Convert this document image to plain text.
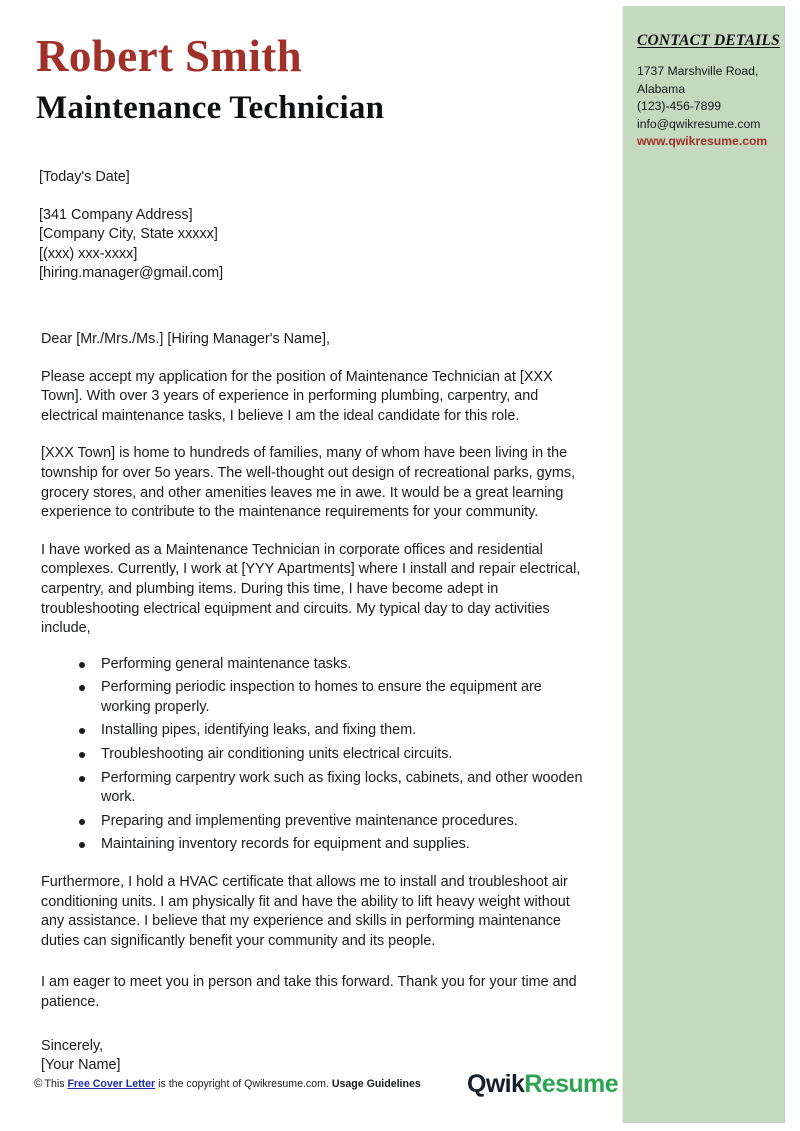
CONTACT DETAILS
1737 Marshville Road,
Alabama
(123)-456-7899
info@qwikresume.com
www.qwikresume.com
Robert Smith
Maintenance Technician
[Today's Date]
[341 Company Address]
[Company City, State xxxxx]
[(xxx) xxx-xxxx]
[hiring.manager@gmail.com]
Dear [Mr./Mrs./Ms.] [Hiring Manager's Name],

Please accept my application for the position of Maintenance Technician at [XXX Town]. With over 3 years of experience in performing plumbing, carpentry, and electrical maintenance tasks, I believe I am the ideal candidate for this role.

[XXX Town] is home to hundreds of families, many of whom have been living in the township for over 5o years. The well-thought out design of recreational parks, gyms, grocery stores, and other amenities leaves me in awe. It would be a great learning experience to contribute to the maintenance requirements for your community.

I have worked as a Maintenance Technician in corporate offices and residential complexes. Currently, I work at [YYY Apartments] where I install and repair electrical, carpentry, and plumbing items. During this time, I have become adept in troubleshooting electrical equipment and circuits. My typical day to day activities include,

Performing general maintenance tasks.
Performing periodic inspection to homes to ensure the equipment are working properly.
Installing pipes, identifying leaks, and fixing them.
Troubleshooting air conditioning units electrical circuits.
Performing carpentry work such as fixing locks, cabinets, and other wooden work.
Preparing and implementing preventive maintenance procedures.
Maintaining inventory records for equipment and supplies.

Furthermore, I hold a HVAC certificate that allows me to install and troubleshoot air conditioning units. I am physically fit and have the ability to lift heavy weight without any assistance. I believe that my experience and skills in performing maintenance duties can significantly benefit your community and its people.

I am eager to meet you in person and take this forward. Thank you for your time and patience.

Sincerely,
[Your Name]
© This Free Cover Letter is the copyright of Qwikresume.com. Usage Guidelines QwikResume
